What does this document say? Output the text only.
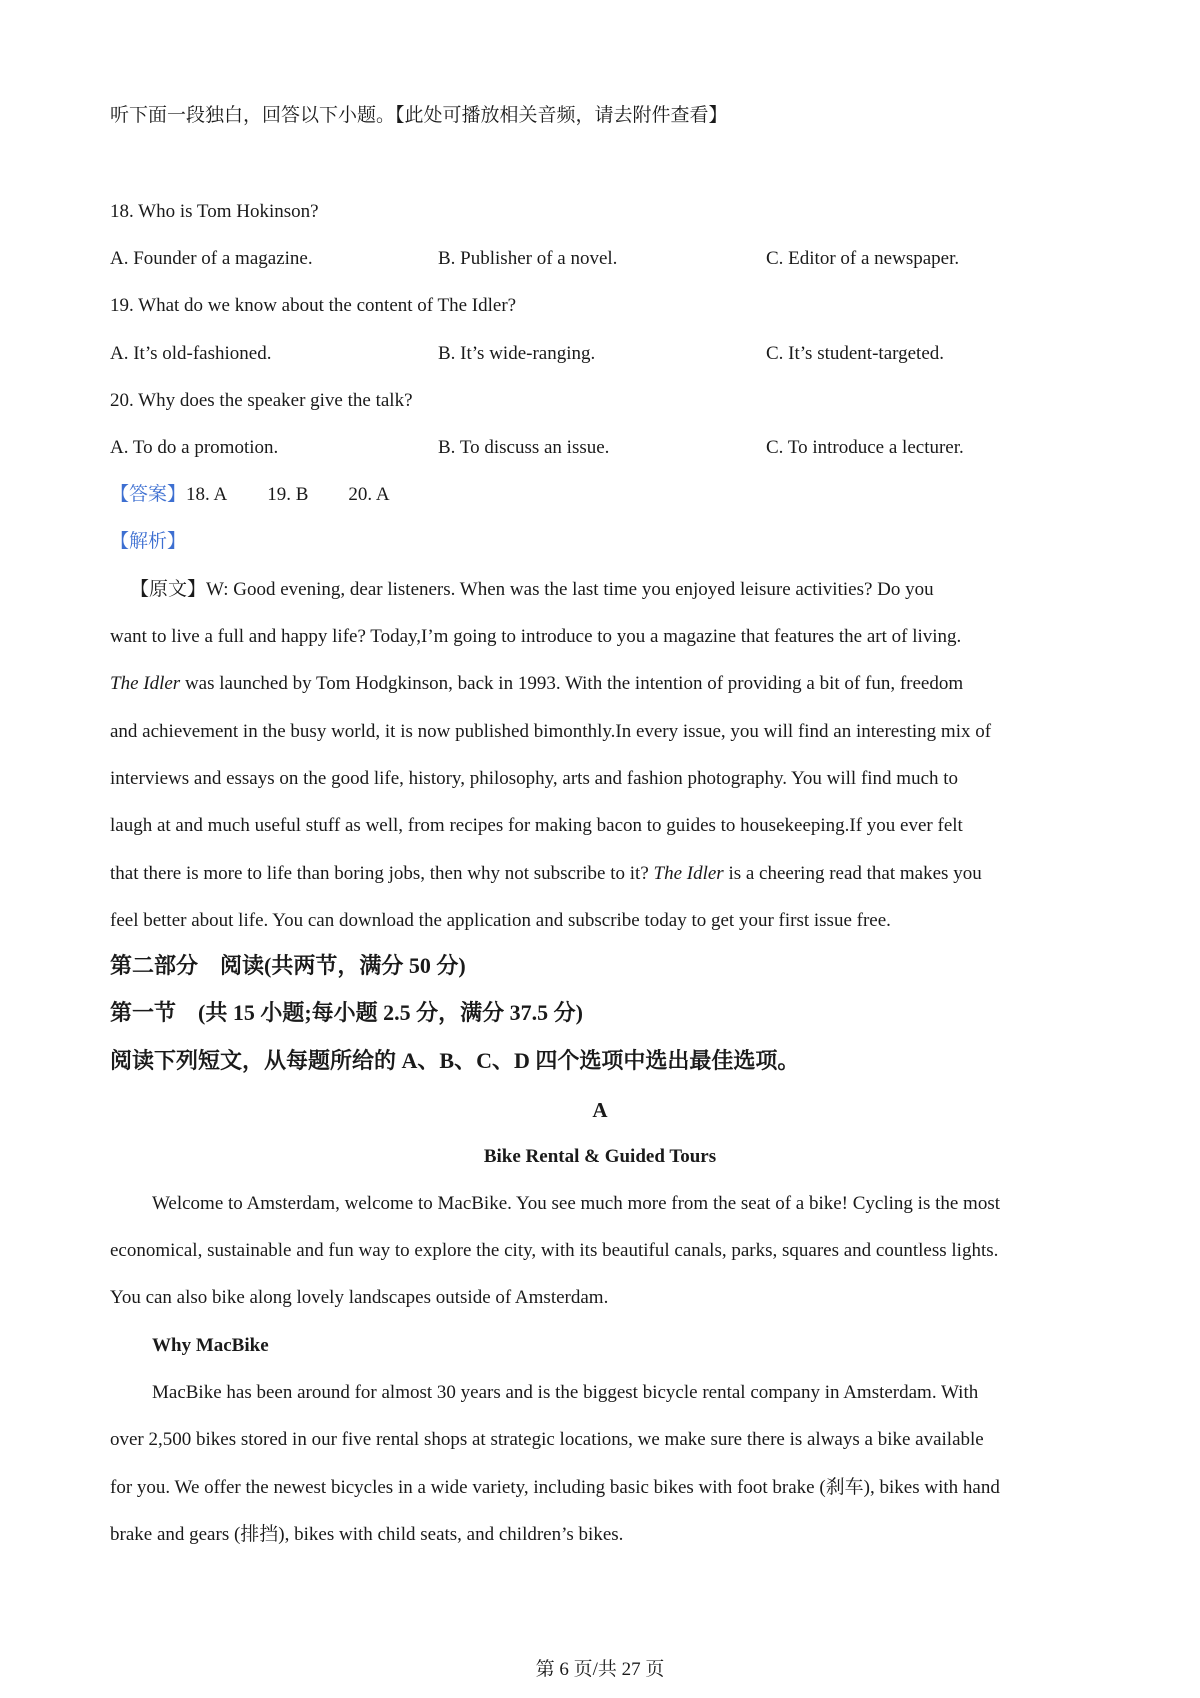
听下面一段独白，回答以下小题。【此处可播放相关音频，请去附件查看】
18. Who is Tom Hokinson?
A. Founder of a magazine.	B. Publisher of a novel.	C. Editor of a newspaper.
19. What do we know about the content of The Idler?
A. It’s old-fashioned.	B. It’s wide-ranging.	C. It’s student-targeted.
20. Why does the speaker give the talk?
A. To do a promotion.	B. To discuss an issue.	C. To introduce a lecturer.
【答案】18. A 19. B 20. A
【解析】
【原文】W: Good evening, dear listeners. When was the last time you enjoyed leisure activities? Do you
want to live a full and happy life? Today,I’m going to introduce to you a magazine that features the art of living.
The Idler was launched by Tom Hodgkinson, back in 1993. With the intention of providing a bit of fun, freedom
and achievement in the busy world, it is now published bimonthly.In every issue, you will find an interesting mix of
interviews and essays on the good life, history, philosophy, arts and fashion photography. You will find much to
laugh at and much useful stuff as well, from recipes for making bacon to guides to housekeeping.If you ever felt
that there is more to life than boring jobs, then why not subscribe to it? The Idler is a cheering read that makes you
feel better about life. You can download the application and subscribe today to get your first issue free.
第二部分　阅读(共两节，满分 50 分)
第一节　(共 15 小题;每小题 2.5 分，满分 37.5 分)
阅读下列短文，从每题所给的 A、B、C、D 四个选项中选出最佳选项。
A
Bike Rental & Guided Tours
Welcome to Amsterdam, welcome to MacBike. You see much more from the seat of a bike! Cycling is the most
economical, sustainable and fun way to explore the city, with its beautiful canals, parks, squares and countless lights.
You can also bike along lovely landscapes outside of Amsterdam.
Why MacBike
MacBike has been around for almost 30 years and is the biggest bicycle rental company in Amsterdam. With
over 2,500 bikes stored in our five rental shops at strategic locations, we make sure there is always a bike available
for you. We offer the newest bicycles in a wide variety, including basic bikes with foot brake (刹车), bikes with hand
brake and gears (排挡), bikes with child seats, and children’s bikes.
第 6 页/共 27 页
